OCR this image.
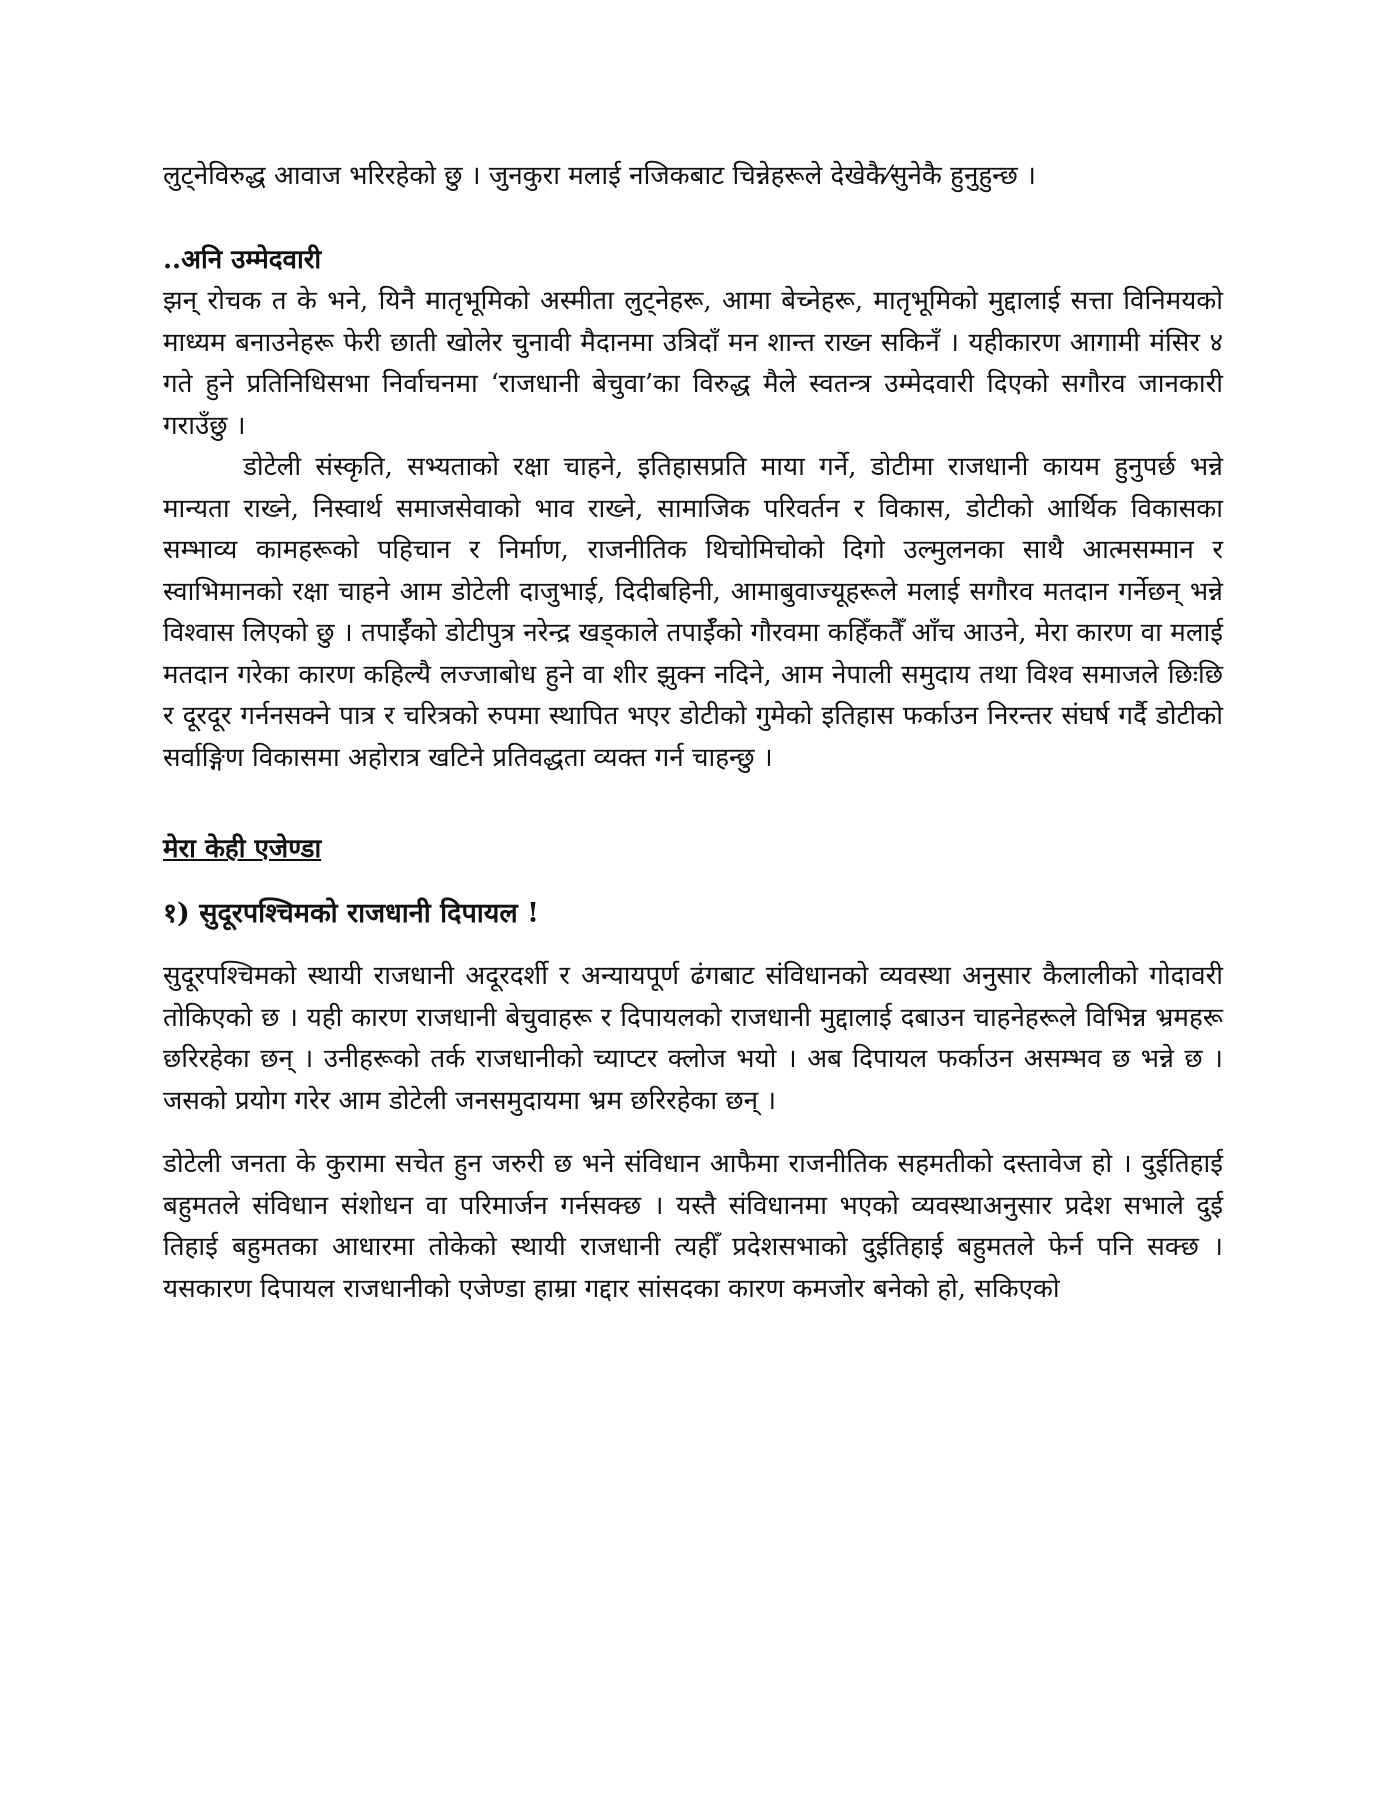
लुट्नेविरुद्ध आवाज भरिरहेको छु । जुनकुरा मलाई नजिकबाट चिन्नेहरूले देखेकै⁄सुनेकै हुनुहुन्छ ।

..अनि उम्मेदवारी

झन् रोचक त के भने, यिनै मातृभूमिको अस्मीता लुट्नेहरू, आमा बेच्नेहरू, मातृभूमिको मुद्दालाई सत्ता विनिमयको माध्यम बनाउनेहरू फेरी छाती खोलेर चुनावी मैदानमा उत्रिदाँ मन शान्त राख्न सकिनँ । यहीकारण आगामी मंसिर ४ गते हुने प्रतिनिधिसभा निर्वाचनमा ‘राजधानी बेचुवा’का विरुद्ध मैले स्वतन्त्र उम्मेदवारी दिएको सगौरव जानकारी गराउँछु ।

डोटेली संस्कृति, सभ्यताको रक्षा चाहने, इतिहासप्रति माया गर्ने, डोटीमा राजधानी कायम हुनुपर्छ भन्ने मान्यता राख्ने, निस्वार्थ समाजसेवाको भाव राख्ने, सामाजिक परिवर्तन र विकास, डोटीको आर्थिक विकासका सम्भाव्य कामहरूको पहिचान र निर्माण, राजनीतिक थिचोमिचोको दिगो उल्मुलनका साथै आत्मसम्मान र स्वाभिमानको रक्षा चाहने आम डोटेली दाजुभाई, दिदीबहिनी, आमाबुवाज्यूहरूले मलाई सगौरव मतदान गर्नेछन् भन्ने विश्वास लिएको छु । तपाईँको डोटीपुत्र नरेन्द्र खड्काले तपाईँको गौरवमा कहिँकतैँ आँच आउने, मेरा कारण वा मलाई मतदान गरेका कारण कहिल्यै लज्जाबोध हुने वा शीर झुक्न नदिने, आम नेपाली समुदाय तथा विश्व समाजले छिःछि र दूरदूर गर्ननसक्ने पात्र र चरित्रको रुपमा स्थापित भएर डोटीको गुमेको इतिहास फर्काउन निरन्तर संघर्ष गर्दै डोटीको सर्वाङ्गिण विकासमा अहोरात्र खटिने प्रतिवद्धता व्यक्त गर्न चाहन्छु ।

मेरा केही एजेण्डा

१) सुदूरपश्चिमको राजधानी दिपायल !

सुदूरपश्चिमको स्थायी राजधानी अदूरदर्शी र अन्यायपूर्ण ढंगबाट संविधानको व्यवस्था अनुसार कैलालीको गोदावरी तोकिएको छ । यही कारण राजधानी बेचुवाहरू र दिपायलको राजधानी मुद्दालाई दबाउन चाहनेहरूले विभिन्न भ्रमहरू छरिरहेका छन् । उनीहरूको तर्क राजधानीको च्याप्टर क्लोज भयो । अब दिपायल फर्काउन असम्भव छ भन्ने छ । जसको प्रयोग गरेर आम डोटेली जनसमुदायमा भ्रम छरिरहेका छन् ।

डोटेली जनता के कुरामा सचेत हुन जरुरी छ भने संविधान आफैमा राजनीतिक सहमतीको दस्तावेज हो । दुईतिहाई बहुमतले संविधान संशोधन वा परिमार्जन गर्नसक्छ । यस्तै संविधानमा भएको व्यवस्थाअनुसार प्रदेश सभाले दुई तिहाई बहुमतका आधारमा तोकेको स्थायी राजधानी त्यहीँ प्रदेशसभाको दुईतिहाई बहुमतले फेर्न पनि सक्छ । यसकारण दिपायल राजधानीको एजेण्डा हाम्रा गद्दार सांसदका कारण कमजोर बनेको हो, सकिएको
